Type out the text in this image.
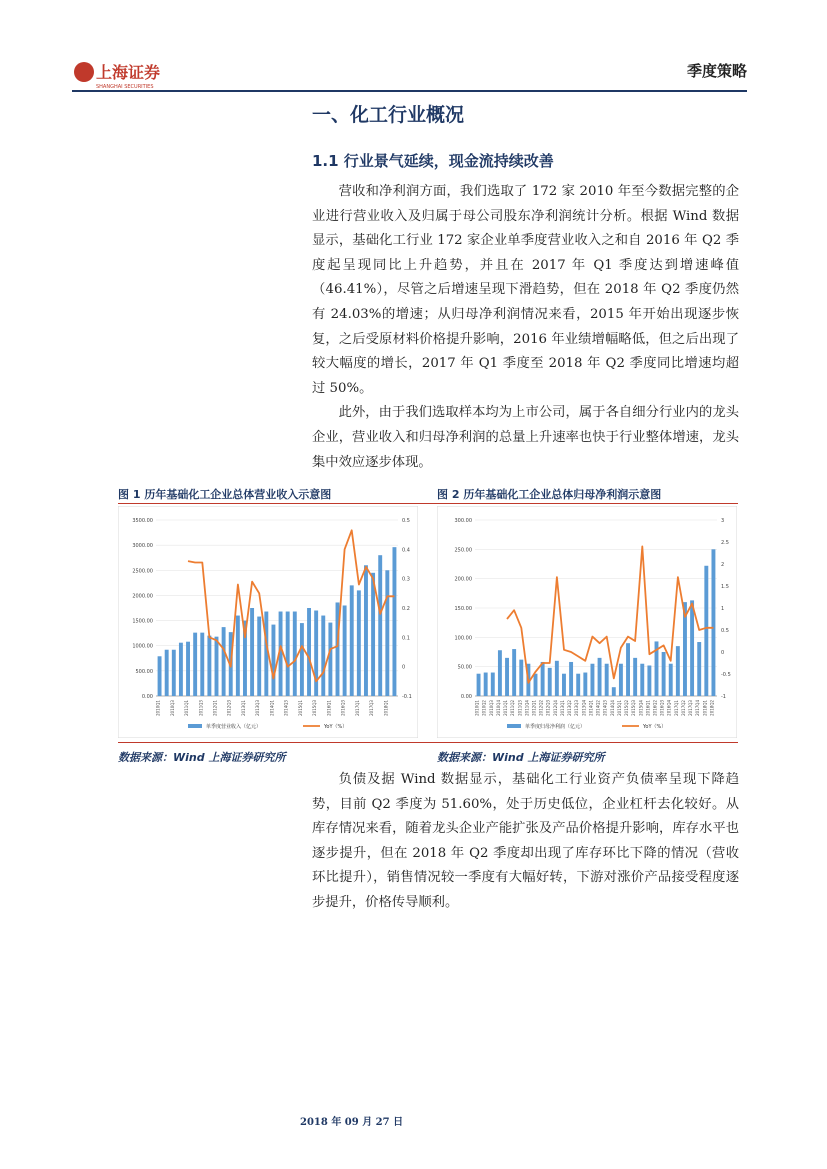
上海证券
SHANGHAI SECURITIES
季度策略
一、化工行业概况
1.1 行业景气延续，现金流持续改善

营收和净利润方面，我们选取了 172 家 2010 年至今数据完整的企业进行营业收入及归属于母公司股东净利润统计分析。根据 Wind 数据显示，基础化工行业 172 家企业单季度营业收入之和自 2016 年 Q2 季度起呈现同比上升趋势，并且在 2017 年 Q1 季度达到增速峰值（46.41%），尽管之后增速呈现下滑趋势，但在 2018 年 Q2 季度仍然有 24.03%的增速；从归母净利润情况来看，2015 年开始出现逐步恢复，之后受原材料价格提升影响，2016 年业绩增幅略低，但之后出现了较大幅度的增长，2017 年 Q1 季度至 2018 年 Q2 季度同比增速均超过 50%。

此外，由于我们选取样本均为上市公司，属于各自细分行业内的龙头企业，营业收入和归母净利润的总量上升速率也快于行业整体增速，龙头集中效应逐步体现。

图 1 历年基础化工企业总体营业收入示意图	图 2 历年基础化工企业总体归母净利润示意图
0.00
500.00
1000.00
1500.00
2000.00
2500.00
3000.00
3500.00
-0.1
0
0.1
0.2
0.3
0.4
0.5
2010Q1 2010Q3 2011Q1 2011Q3 2012Q1 2012Q3 2013Q1 2013Q3 2014Q1 2014Q3 2015Q1 2015Q3 2016Q1 2016Q3 2017Q1 2017Q3 2018Q1
单季度营业收入（亿元）	YoY（%）
0.00
50.00
100.00
150.00
200.00
250.00
300.00
-1
-0.5
0
0.5
1
1.5
2
2.5
3
2010Q1 2010Q2 2010Q3 2010Q4 2011Q1 2011Q2 2011Q3 2011Q4 2012Q1 2012Q2 2012Q3 2012Q4 2013Q1 2013Q2 2013Q3 2013Q4 2014Q1 2014Q2 2014Q3 2014Q4 2015Q1 2015Q2 2015Q3 2015Q4 2016Q1 2016Q2 2016Q3 2016Q4 2017Q1 2017Q2 2017Q3 2017Q4 2018Q1 2018Q2
单季度归母净利润（亿元）	YoY（%）
数据来源：Wind 上海证券研究所	数据来源：Wind 上海证券研究所

负债及据 Wind 数据显示，基础化工行业资产负债率呈现下降趋势，目前 Q2 季度为 51.60%，处于历史低位，企业杠杆去化较好。从库存情况来看，随着龙头企业产能扩张及产品价格提升影响，库存水平也逐步提升，但在 2018 年 Q2 季度却出现了库存环比下降的情况（营收环比提升），销售情况较一季度有大幅好转，下游对涨价产品接受程度逐步提升，价格传导顺利。

2018 年 09 月 27 日
